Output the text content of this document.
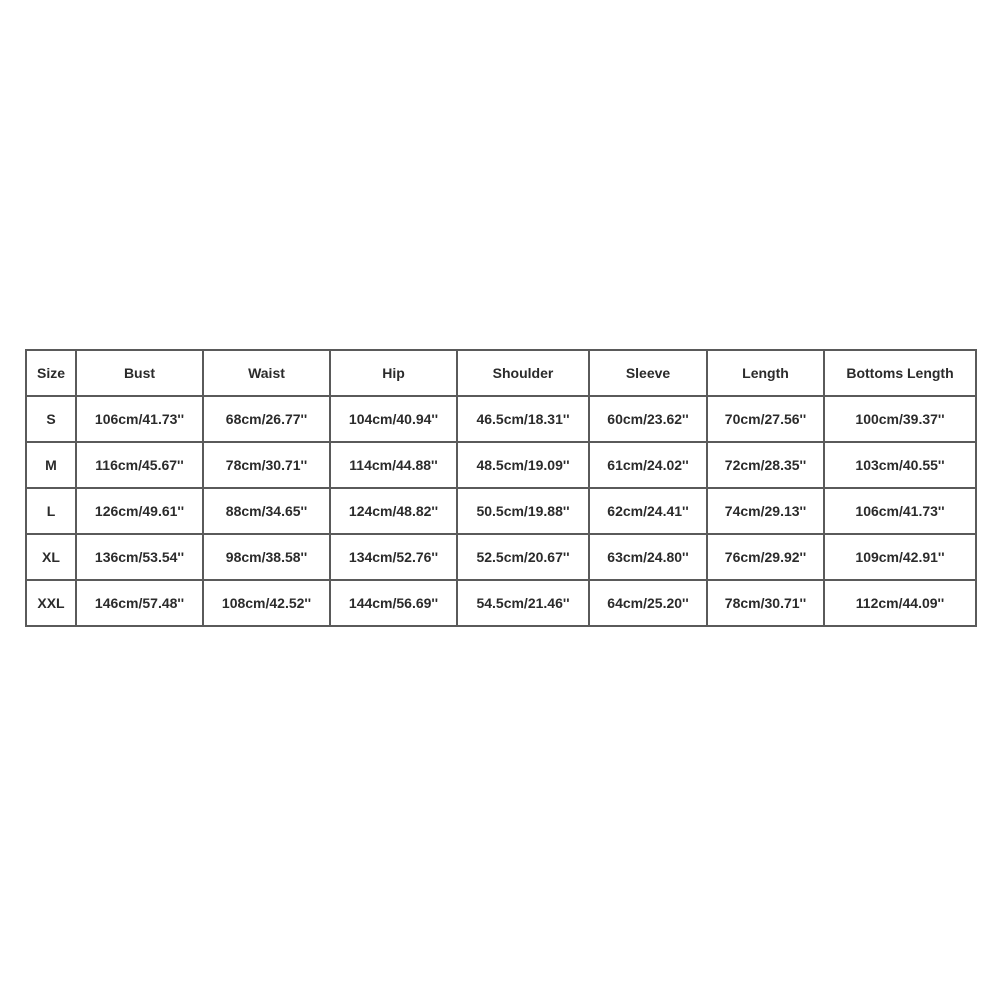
Size	Bust	Waist	Hip	Shoulder	Sleeve	Length	Bottoms Length
S	106cm/41.73''	68cm/26.77''	104cm/40.94''	46.5cm/18.31''	60cm/23.62''	70cm/27.56''	100cm/39.37''
M	116cm/45.67''	78cm/30.71''	114cm/44.88''	48.5cm/19.09''	61cm/24.02''	72cm/28.35''	103cm/40.55''
L	126cm/49.61''	88cm/34.65''	124cm/48.82''	50.5cm/19.88''	62cm/24.41''	74cm/29.13''	106cm/41.73''
XL	136cm/53.54''	98cm/38.58''	134cm/52.76''	52.5cm/20.67''	63cm/24.80''	76cm/29.92''	109cm/42.91''
XXL	146cm/57.48''	108cm/42.52''	144cm/56.69''	54.5cm/21.46''	64cm/25.20''	78cm/30.71''	112cm/44.09''
